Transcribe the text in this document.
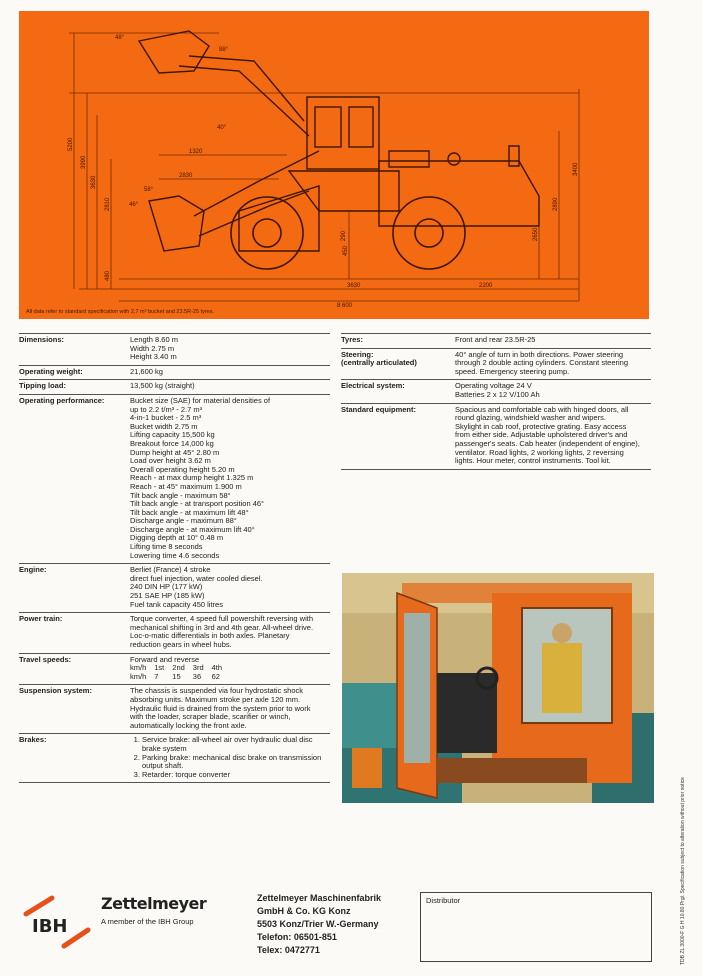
5200
3990
3630
2810
480
3400
2890
2650
450
290
1320
2830
3630	2200
8 600
46°
58°
48°
40°
88°
All data refer to standard specification with 2,7 m³ bucket and 23.5R-25 tyres.
Dimensions:	Length 8.60 m
Width 2.75 m
Height 3.40 m
Operating weight:	21,600 kg
Tipping load:	13,500 kg (straight)
Operating performance:	Bucket size (SAE) for material densities of
up to 2.2 t/m³ - 2.7 m³
4-in-1 bucket - 2.5 m³
Bucket width 2.75 m
Lifting capacity 15,500 kg
Breakout force 14,000 kg
Dump height at 45° 2.80 m
Load over height 3.62 m
Overall operating height 5.20 m
Reach - at max dump height 1.325 m
Reach - at 45° maximum 1.900 m
Tilt back angle - maximum 58°
Tilt back angle - at transport position 46°
Tilt back angle - at maximum lift 48°
Discharge angle - maximum 88°
Discharge angle - at maximum lift 40°
Digging depth at 10° 0.48 m
Lifting time 8 seconds
Lowering time 4.6 seconds
Engine:	Berliet (France) 4 stroke
direct fuel injection, water cooled diesel.
240 DIN HP (177 kW)
251 SAE HP (185 kW)
Fuel tank capacity 450 litres
Power train:	Torque converter, 4 speed full powershift reversing with
mechanical shifting in 3rd and 4th gear. All-wheel drive.
Loc-o-matic differentials in both axles. Planetary
reduction gears in wheel hubs.
Travel speeds:	Forward and reverse
km/h	1st	2nd	3rd	4th
km/h	7	15	36	62
Suspension system:	The chassis is suspended via four hydrostatic shock
absorbing units. Maximum stroke per axle 120 mm.
Hydraulic fluid is drained from the system prior to work
with the loader, scraper blade, scarifier or winch,
automatically locking the front axle.
Brakes:	1. Service brake: all-wheel air over hydraulic dual disc brake system
2. Parking brake: mechanical disc brake on transmission output shaft.
3. Retarder: torque converter
Tyres:	Front and rear 23.5R-25
Steering:
(centrally articulated)
40° angle of turn in both directions. Power steering
through 2 double acting cylinders. Constant steering
speed. Emergency steering pump.
Electrical system:	Operating voltage 24 V
Batteries 2 x 12 V/100 Ah
Standard equipment:	Spacious and comfortable cab with hinged doors, all
round glazing, windshield washer and wipers.
Skylight in cab roof, protective grating. Easy access
from either side. Adjustable upholstered driver's and
passenger's seats. Cab heater (independent of engine),
ventilator. Road lights, 2 working lights, 2 reversing
lights. Hour meter, control instruments. Tool kit.
TDB ZL 3000-F G H 10.80 Prgl. Specification subject to alteration without prior notice
IBH
Zettelmeyer
A member of the IBH Group
Zettelmeyer Maschinenfabrik
GmbH & Co. KG Konz
5503 Konz/Trier W.-Germany
Telefon: 06501-851
Telex: 0472771
Distributor
